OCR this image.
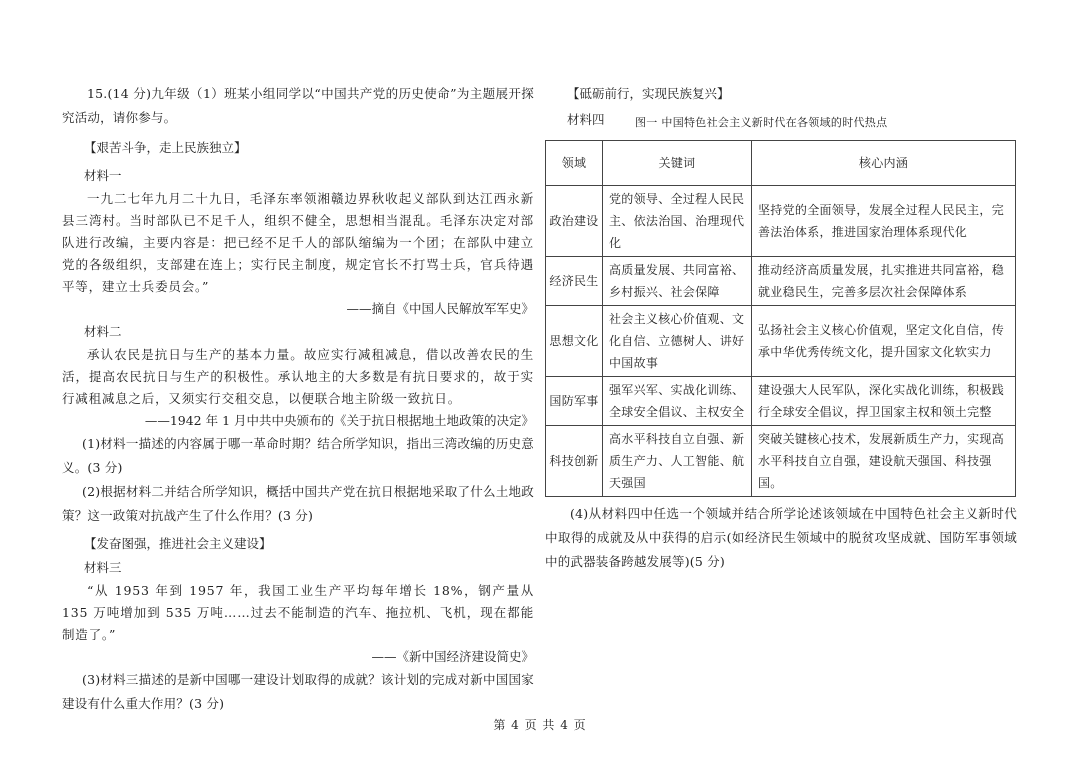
15.(14 分)九年级（1）班某小组同学以“中国共产党的历史使命”为主题展开探究活动，请你参与。

【艰苦斗争，走上民族独立】

材料一

一九二七年九月二十九日，毛泽东率领湘赣边界秋收起义部队到达江西永新县三湾村。当时部队已不足千人，组织不健全，思想相当混乱。毛泽东决定对部队进行改编，主要内容是：把已经不足千人的部队缩编为一个团；在部队中建立党的各级组织，支部建在连上；实行民主制度，规定官长不打骂士兵，官兵待遇平等，建立士兵委员会。”

——摘自《中国人民解放军军史》

材料二

承认农民是抗日与生产的基本力量。故应实行减租减息，借以改善农民的生活，提高农民抗日与生产的积极性。承认地主的大多数是有抗日要求的，故于实行减租减息之后，又须实行交租交息，以便联合地主阶级一致抗日。

——1942 年 1 月中共中央颁布的《关于抗日根据地土地政策的决定》

(1)材料一描述的内容属于哪一革命时期？结合所学知识，指出三湾改编的历史意义。(3 分)

(2)根据材料二并结合所学知识，概括中国共产党在抗日根据地采取了什么土地政策？这一政策对抗战产生了什么作用？(3 分)

【发奋图强，推进社会主义建设】

材料三

“从 1953 年到 1957 年，我国工业生产平均每年增长 18%，钢产量从 135 万吨增加到 535 万吨……过去不能制造的汽车、拖拉机、飞机，现在都能制造了。”

——《新中国经济建设简史》

(3)材料三描述的是新中国哪一建设计划取得的成就？该计划的完成对新中国国家建设有什么重大作用？(3 分)

【砥砺前行，实现民族复兴】

材料四	图一 中国特色社会主义新时代在各领域的时代热点
领域	关键词	核心内涵
政治建设	党的领导、全过程人民民主、依法治国、治理现代化	坚持党的全面领导，发展全过程人民民主，完善法治体系，推进国家治理体系现代化
经济民生	高质量发展、共同富裕、乡村振兴、社会保障	推动经济高质量发展，扎实推进共同富裕，稳就业稳民生，完善多层次社会保障体系
思想文化	社会主义核心价值观、文化自信、立德树人、讲好中国故事	弘扬社会主义核心价值观，坚定文化自信，传承中华优秀传统文化，提升国家文化软实力
国防军事	强军兴军、实战化训练、全球安全倡议、主权安全	建设强大人民军队，深化实战化训练，积极践行全球安全倡议，捍卫国家主权和领土完整
科技创新	高水平科技自立自强、新质生产力、人工智能、航天强国	突破关键核心技术，发展新质生产力，实现高水平科技自立自强，建设航天强国、科技强国。

(4)从材料四中任选一个领域并结合所学论述该领域在中国特色社会主义新时代中取得的成就及从中获得的启示(如经济民生领域中的脱贫攻坚成就、国防军事领域中的武器装备跨越发展等)(5 分)

第 4 页 共 4 页
